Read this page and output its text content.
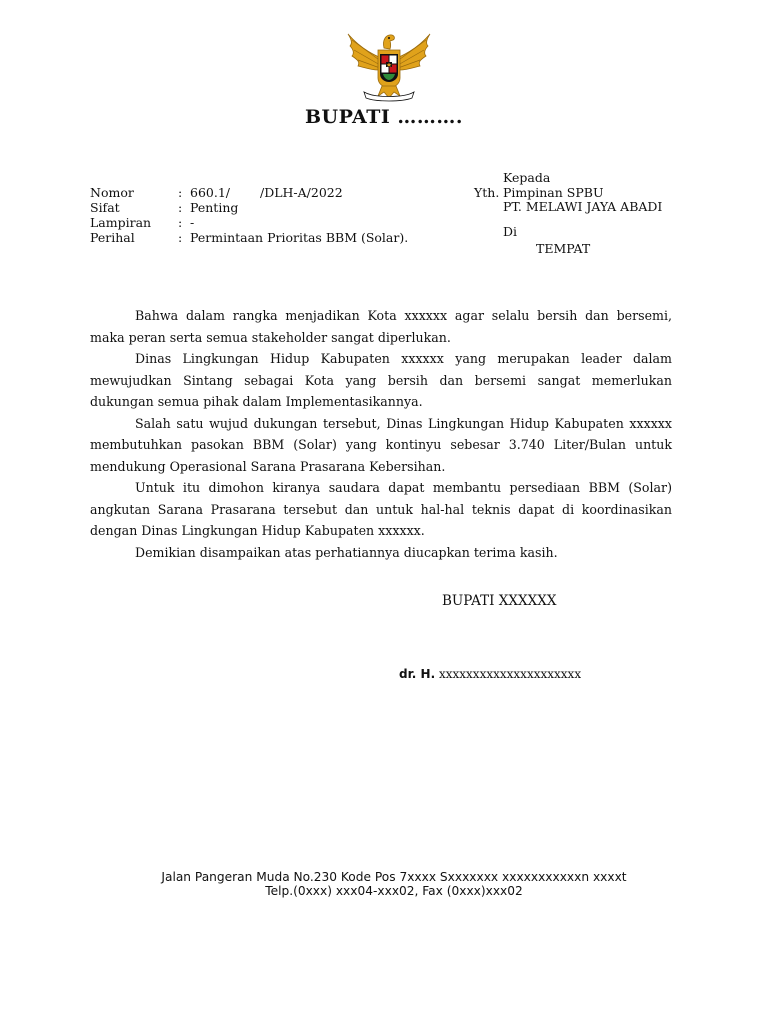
BUPATI ……….
Nomor	: 660.1/ /DLH-A/2022
Sifat	: Penting
Lampiran	: -
Perihal	: Permintaan Prioritas BBM (Solar).
Yth.
Kepada
Pimpinan SPBU
PT. MELAWI JAYA ABADI
Di
TEMPAT

Bahwa dalam rangka menjadikan Kota xxxxxx agar selalu bersih dan bersemi, maka peran serta semua stakeholder sangat diperlukan.

Dinas Lingkungan Hidup Kabupaten xxxxxx yang merupakan leader dalam mewujudkan Sintang sebagai Kota yang bersih dan bersemi sangat memerlukan dukungan semua pihak dalam Implementasikannya.

Salah satu wujud dukungan tersebut, Dinas Lingkungan Hidup Kabupaten xxxxxx membutuhkan pasokan BBM (Solar) yang kontinyu sebesar 3.740 Liter/Bulan untuk mendukung Operasional Sarana Prasarana Kebersihan.

Untuk itu dimohon kiranya saudara dapat membantu persediaan BBM (Solar) angkutan Sarana Prasarana tersebut dan untuk hal-hal teknis dapat di koordinasikan dengan Dinas Lingkungan Hidup Kabupaten xxxxxx.

Demikian disampaikan atas perhatiannya diucapkan terima kasih.

BUPATI XXXXXX
dr. H. xxxxxxxxxxxxxxxxxxxxx
Jalan Pangeran Muda No.230 Kode Pos 7xxxx Sxxxxxxx xxxxxxxxxxxn xxxxt
Telp.(0xxx) xxx04-xxx02, Fax (0xxx)xxx02
